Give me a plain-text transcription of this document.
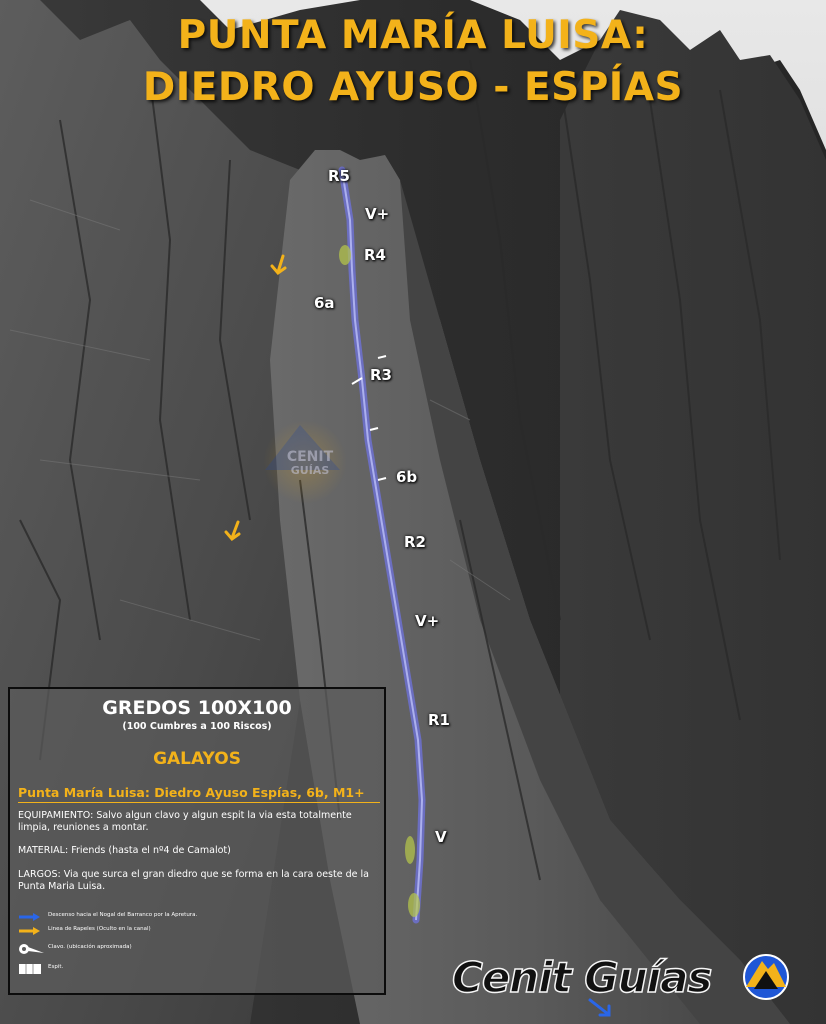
PUNTA MARÍA LUISA:
DIEDRO AYUSO - ESPÍAS
CENIT
GUÍAS
R5
V+
R4
6a
R3
6b
R2
V+
R1
V
GREDOS 100X100
(100 Cumbres a 100 Riscos)
GALAYOS
Punta María Luisa: Diedro Ayuso Espías, 6b, M1+
EQUIPAMIENTO: Salvo algun clavo y algun espit la via esta totalmente limpia, reuniones a montar.
MATERIAL: Friends (hasta el nº4 de Camalot)
LARGOS: Via que surca el gran diedro que se forma en la cara oeste de la Punta Maria Luisa.
Descenso hacia el Nogal del Barranco por la Apretura.
Linea de Rapeles (Oculto en la canal)
Clavo. (ubicación aproximada)
Espit.	Cenit Guías
